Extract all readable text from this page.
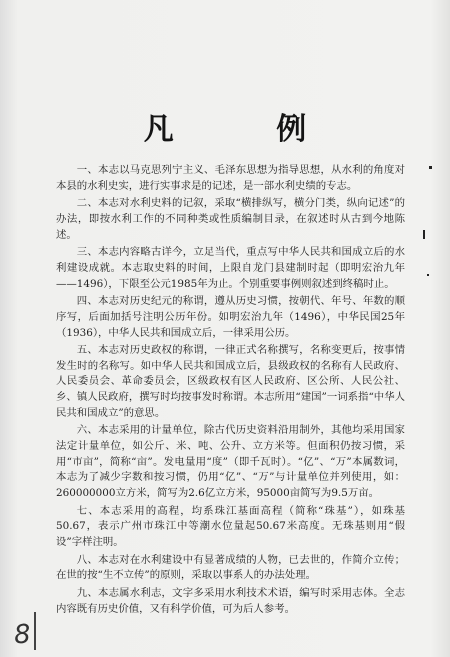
凡 例

一、本志以马克思列宁主义、毛泽东思想为指导思想，从水利的角度对本县的水利史实，进行实事求是的记述，是一部水利史绩的专志。

二、本志对水利史料的记叙，采取“横排纵写，横分门类，纵向记述”的办法，即按水利工作的不同种类或性质编制目录，在叙述时从古到今地陈述。

三、本志内容略古详今，立足当代，重点写中华人民共和国成立后的水利建设成就。本志取史料的时间，上限自龙门县建制时起（即明宏治九年——1496），下限至公元1985年为止。个别重要事例则叙述到终稿时止。

四、本志对历史纪元的称谓，遵从历史习惯，按朝代、年号、年数的顺序写，后面加括号注明公历年份。如明宏治九年（1496），中华民国25年（1936），中华人民共和国成立后，一律采用公历。

五、本志对历史政权的称谓，一律正式名称撰写，名称变更后，按事情发生时的名称写。如中华人民共和国成立后，县级政权的名称有人民政府、人民委员会、革命委员会，区级政权有区人民政府、区公所、人民公社、乡、镇人民政府，撰写时均按事发时称谓。本志所用“建国”一词系指“中华人民共和国成立”的意思。

六、本志采用的计量单位，除古代历史资料沿用制外，其他均采用国家法定计量单位，如公斤、米、吨、公升、立方米等。但面积仍按习惯，采用“市亩”，简称“亩”。发电量用“度”（即千瓦时）。“亿”、“万”本属数词，本志为了减少字数和按习惯，仍用“亿”、“万”与计量单位并列使用，如：260000000立方米，简写为2.6亿立方米，95000亩简写为9.5万亩。

七、本志采用的高程，均系珠江基面高程（简称“珠基”），如珠基50.67，表示广州市珠江中等潮水位量起50.67米高度。无珠基则用“假设”字样注明。

八、本志对在水利建设中有显著成绩的人物，已去世的，作简介立传；在世的按“生不立传”的原则，采取以事系人的办法处理。

九、本志属水利志，文字多采用水利技术术语，编写时采用志体。全志内容既有历史价值，又有科学价值，可为后人参考。

8
